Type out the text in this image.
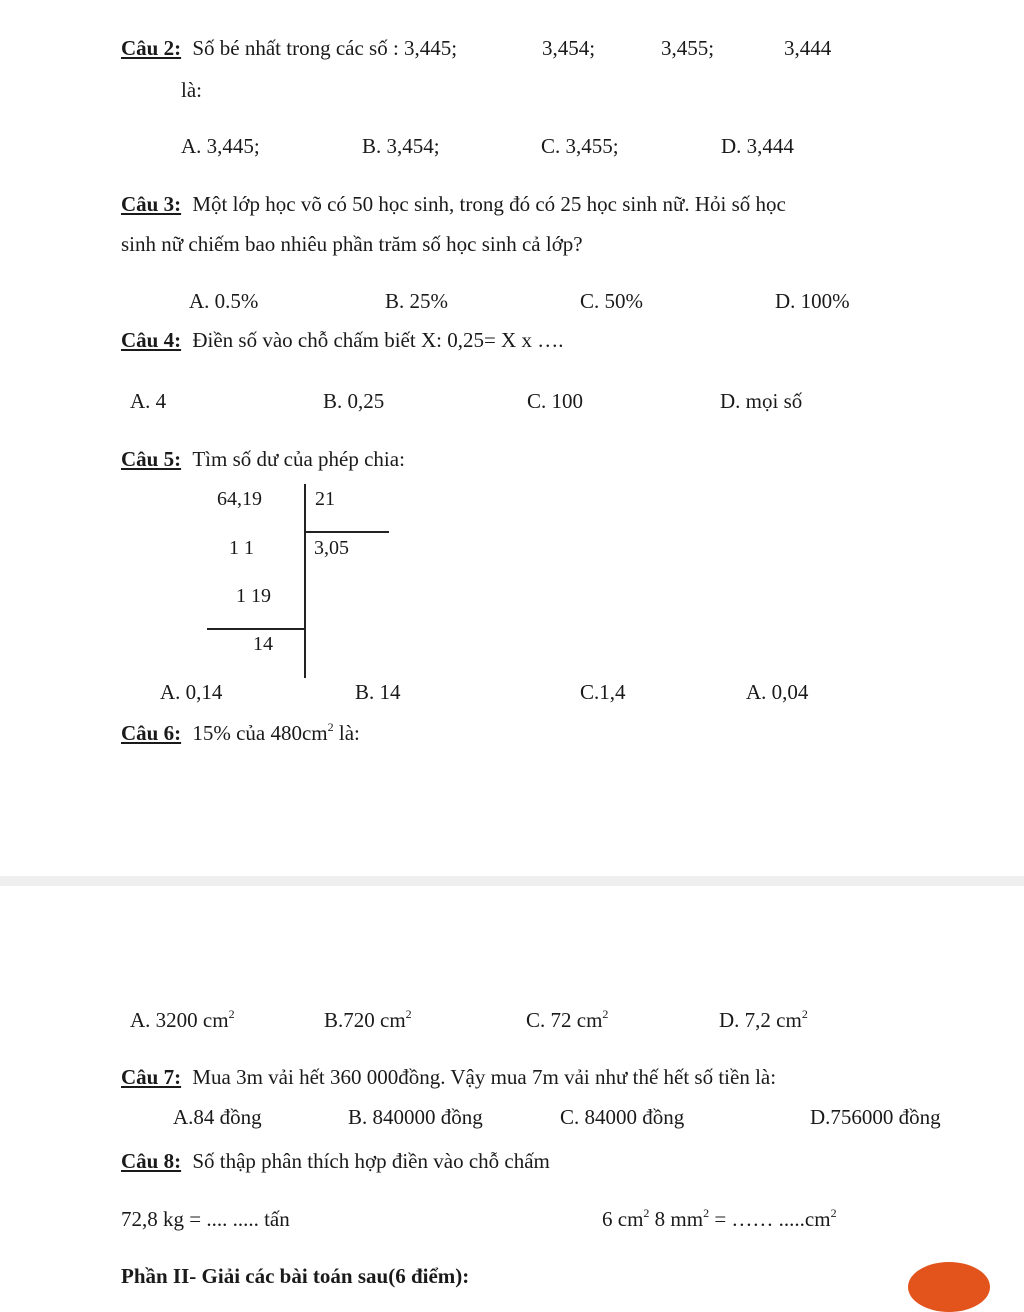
Câu 2: Số bé nhất trong các số : 3,445;	3,454;	3,455;	3,444
là:
A. 3,445;	B. 3,454;	C. 3,455;	D. 3,444
Câu 3: Một lớp học võ có 50 học sinh, trong đó có 25 học sinh nữ. Hỏi số học
sinh nữ chiếm bao nhiêu phần trăm số học sinh cả lớp?
A. 0.5%	B. 25%	C. 50%	D. 100%
Câu 4: Điền số vào chỗ chấm biết X: 0,25= X x ….
A. 4	B. 0,25	C. 100	D. mọi số
Câu 5: Tìm số dư của phép chia:
64,19	21
1 1	3,05
1 19
14
A. 0,14	B. 14	C.1,4	A. 0,04
Câu 6: 15% của $480cm^2$ là:
A. 3200 $cm^2$	B.720 $cm^2$	C. 72 $cm^2$	D. 7,2 $cm^2$
Câu 7: Mua 3m vải hết 360 000đồng. Vậy mua 7m vải như thế hết số tiền là:
A.84 đồng	B. 840000 đồng	C. 84000 đồng	D.756000 đồng
Câu 8: Số thập phân thích hợp điền vào chỗ chấm
72,8 kg = .... ..... tấn	6 $cm^2$ 8 $mm^2$ = …… $.....cm^2$
Phần II- Giải các bài toán sau(6 điểm):
